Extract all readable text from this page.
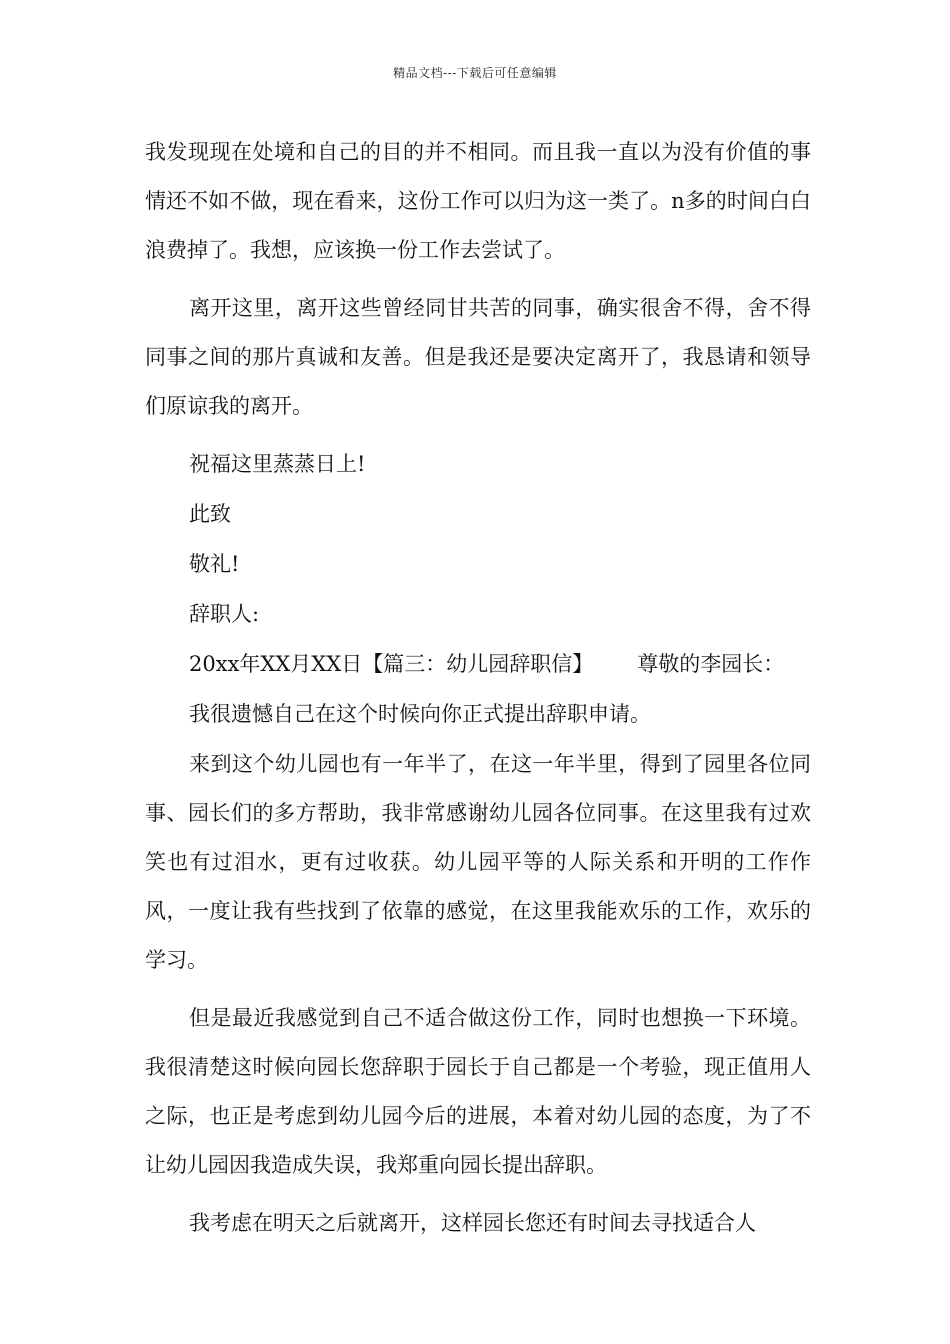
精品文档---下载后可任意编辑

我发现现在处境和自己的目的并不相同。而且我一直以为没有价值的事情还不如不做，现在看来，这份工作可以归为这一类了。n多的时间白白浪费掉了。我想，应该换一份工作去尝试了。

离开这里，离开这些曾经同甘共苦的同事，确实很舍不得，舍不得同事之间的那片真诚和友善。但是我还是要决定离开了，我恳请和领导们原谅我的离开。

祝福这里蒸蒸日上!

此致

敬礼!

辞职人:

20xx年XX月XX日【篇三：幼儿园辞职信】 尊敬的李园长：

我很遗憾自己在这个时候向你正式提出辞职申请。

来到这个幼儿园也有一年半了，在这一年半里，得到了园里各位同事、园长们的多方帮助，我非常感谢幼儿园各位同事。在这里我有过欢笑也有过泪水，更有过收获。幼儿园平等的人际关系和开明的工作作风，一度让我有些找到了依靠的感觉，在这里我能欢乐的工作，欢乐的学习。

但是最近我感觉到自己不适合做这份工作，同时也想换一下环境。我很清楚这时候向园长您辞职于园长于自己都是一个考验，现正值用人之际，也正是考虑到幼儿园今后的进展，本着对幼儿园的态度，为了不让幼儿园因我造成失误，我郑重向园长提出辞职。

我考虑在明天之后就离开，这样园长您还有时间去寻找适合人
